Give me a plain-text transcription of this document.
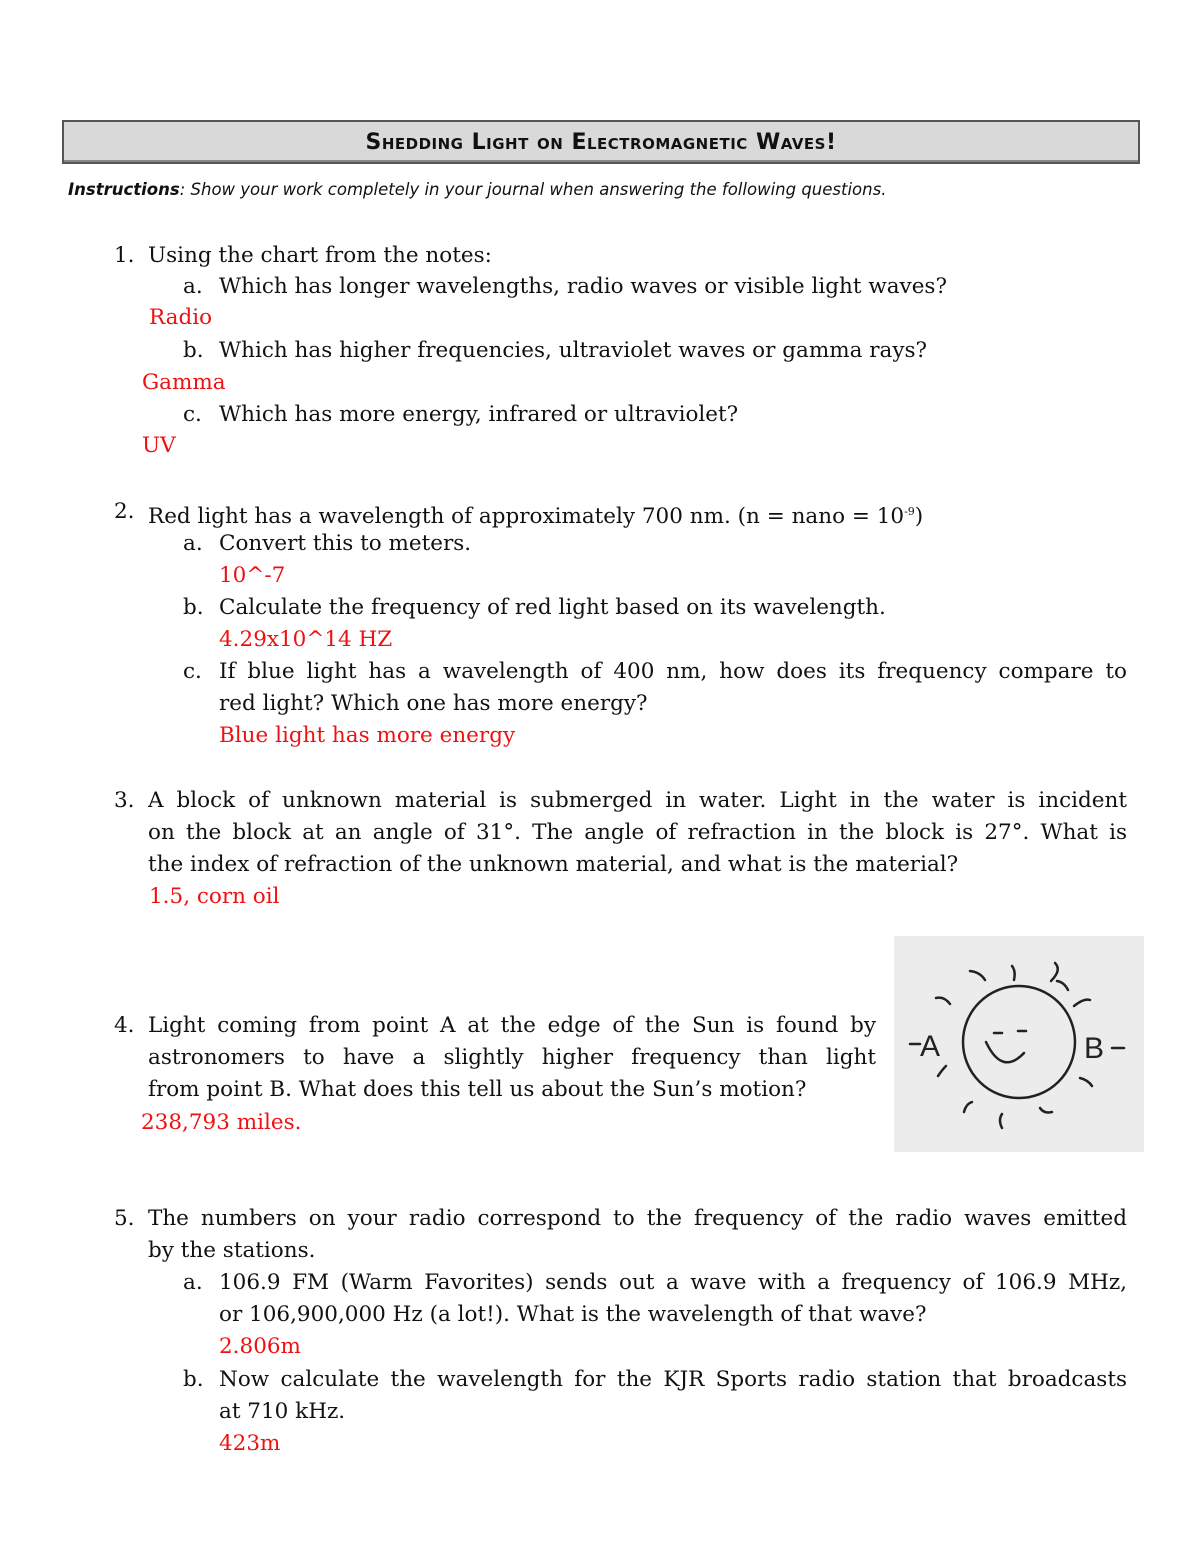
Shedding Light on Electromagnetic Waves!
Instructions: Show your work completely in your journal when answering the following questions.
1. Using the chart from the notes:
a. Which has longer wavelengths, radio waves or visible light waves?
Radio
b. Which has higher frequencies, ultraviolet waves or gamma rays?
Gamma
c. Which has more energy, infrared or ultraviolet?
UV
2. Red light has a wavelength of approximately 700 nm. (n = nano = $10^{-9}$)
a. Convert this to meters.
10^-7
b. Calculate the frequency of red light based on its wavelength.
4.29x10^14 HZ
c. If blue light has a wavelength of 400 nm, how does its frequency compare to
red light? Which one has more energy?
Blue light has more energy
3. A block of unknown material is submerged in water. Light in the water is incident
on the block at an angle of 31°. The angle of refraction in the block is 27°. What is
the index of refraction of the unknown material, and what is the material?
1.5, corn oil
4. Light coming from point A at the edge of the Sun is found by
astronomers to have a slightly higher frequency than light
from point B. What does this tell us about the Sun’s motion?
238,793 miles.
A	B
5. The numbers on your radio correspond to the frequency of the radio waves emitted
by the stations.
a. 106.9 FM (Warm Favorites) sends out a wave with a frequency of 106.9 MHz,
or 106,900,000 Hz (a lot!). What is the wavelength of that wave?
2.806m
b. Now calculate the wavelength for the KJR Sports radio station that broadcasts
at 710 kHz.
423m
